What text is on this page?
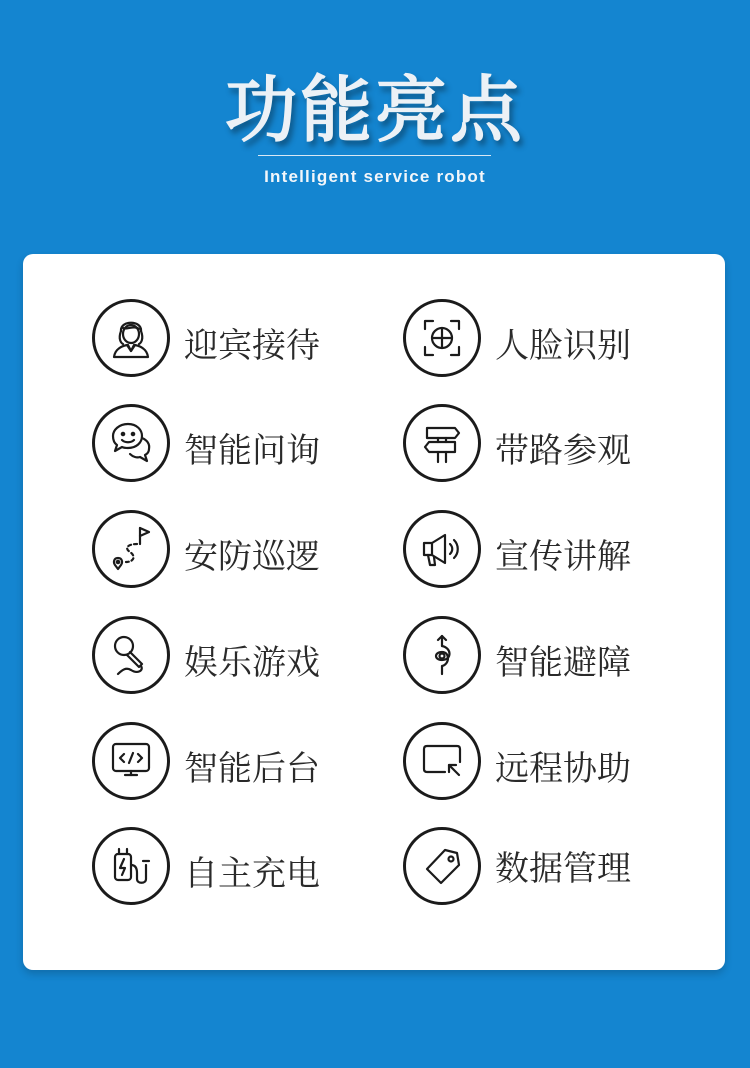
功能亮点
Intelligent service robot
迎宾接待
智能问询
安防巡逻
娱乐游戏
智能后台
自主充电
人脸识别
带路参观
宣传讲解
智能避障
远程协助
数据管理
